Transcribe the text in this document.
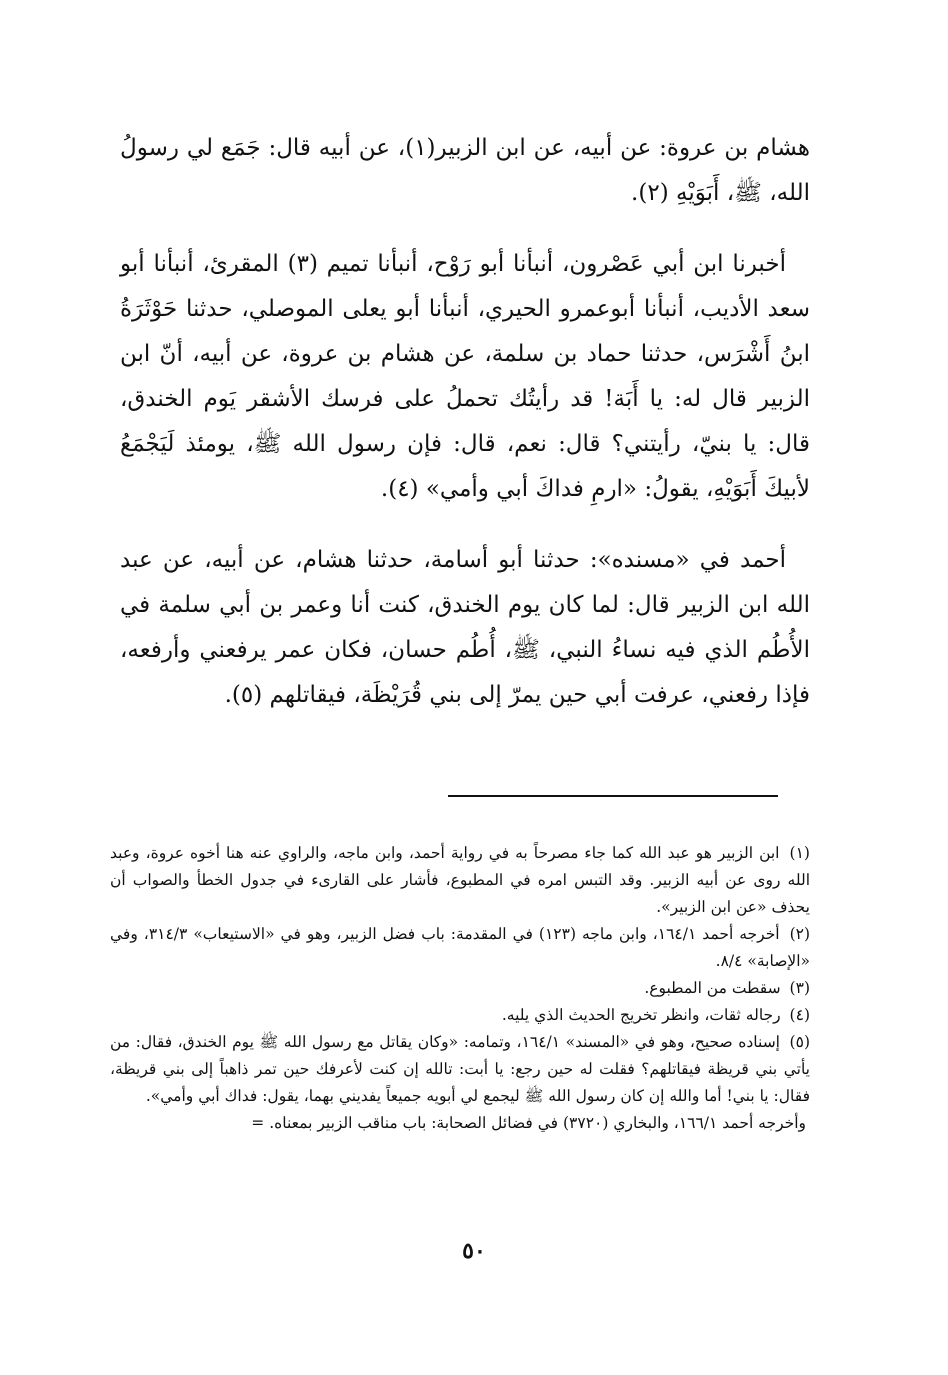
هشام بن عروة: عن أبيه، عن ابن الزبير(١)، عن أبيه قال: جَمَع لي رسولُ الله، ﷺ، أَبَوَيْهِ (٢).

أخبرنا ابن أبي عَصْرون، أنبأنا أبو رَوْح، أنبأنا تميم (٣) المقرئ، أنبأنا أبو سعد الأديب، أنبأنا أبوعمرو الحيري، أنبأنا أبو يعلى الموصلي، حدثنا حَوْثَرَةُ ابنُ أَشْرَس، حدثنا حماد بن سلمة، عن هشام بن عروة، عن أبيه، أنّ ابن الزبير قال له: يا أَبَة! قد رأيتُك تحملُ على فرسك الأشقر يَوم الخندق، قال: يا بنيّ، رأيتني؟ قال: نعم، قال: فإن رسول الله ﷺ، يومئذ لَيَجْمَعُ لأبيكَ أَبَوَيْهِ، يقولُ: «ارمِ فداكَ أبي وأمي» (٤).

أحمد في «مسنده»: حدثنا أبو أسامة، حدثنا هشام، عن أبيه، عن عبد الله ابن الزبير قال: لما كان يوم الخندق، كنت أنا وعمر بن أبي سلمة في الأُطُم الذي فيه نساءُ النبي، ﷺ، أُطُم حسان، فكان عمر يرفعني وأرفعه، فإذا رفعني، عرفت أبي حين يمرّ إلى بني قُرَيْظَة، فيقاتلهم (٥).

(١) ابن الزبير هو عبد الله كما جاء مصرحاً به في رواية أحمد، وابن ماجه، والراوي عنه هنا أخوه عروة، وعبد الله روى عن أبيه الزبير. وقد التبس امره في المطبوع، فأشار على القارىء في جدول الخطأ والصواب أن يحذف «عن ابن الزبير».

(٢) أخرجه أحمد ١٦٤/١، وابن ماجه (١٢٣) في المقدمة: باب فضل الزبير، وهو في «الاستيعاب» ٣١٤/٣، وفي «الإصابة» ٨/٤.

(٣) سقطت من المطبوع.

(٤) رجاله ثقات، وانظر تخريج الحديث الذي يليه.

(٥) إسناده صحيح، وهو في «المسند» ١٦٤/١، وتمامه: «وكان يقاتل مع رسول الله ﷺ يوم الخندق، فقال: من يأتي بني قريظة فيقاتلهم؟ فقلت له حين رجع: يا أبت: تالله إن كنت لأعرفك حين تمر ذاهباً إلى بني قريظة، فقال: يا بني! أما والله إن كان رسول الله ﷺ ليجمع لي أبويه جميعاً يفديني بهما، يقول: فداك أبي وأمي».

وأخرجه أحمد ١٦٦/١، والبخاري (٣٧٢٠) في فضائل الصحابة: باب مناقب الزبير بمعناه. =

٥٠
